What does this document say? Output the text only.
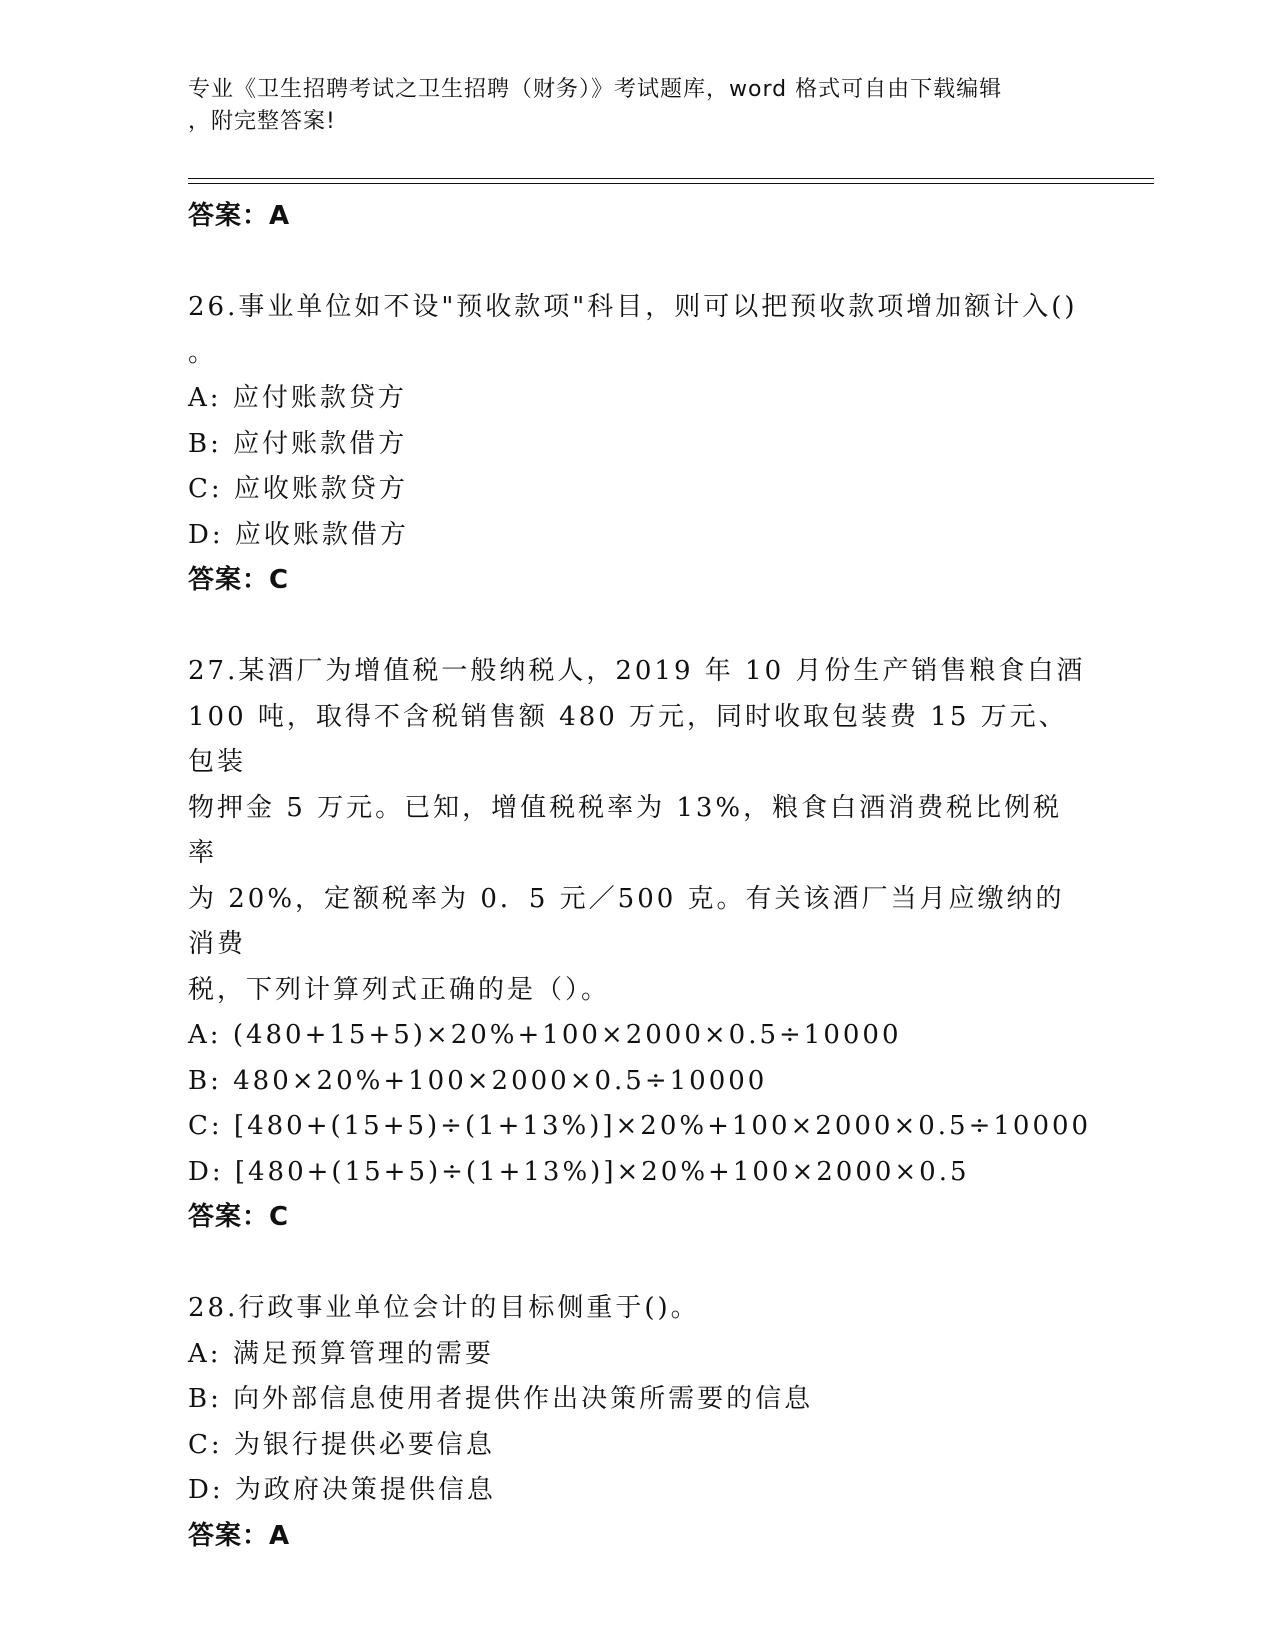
专业《卫生招聘考试之卫生招聘（财务）》考试题库，word 格式可自由下载编辑
，附完整答案!
答案：A
26.事业单位如不设"预收款项"科目，则可以把预收款项增加额计入()
。
A: 应付账款贷方
B: 应付账款借方
C: 应收账款贷方
D: 应收账款借方
答案：C
27.某酒厂为增值税一般纳税人，2019 年 10 月份生产销售粮食白酒
100 吨，取得不含税销售额 480 万元，同时收取包装费 15 万元、包装
物押金 5 万元。已知，增值税税率为 13%，粮食白酒消费税比例税率
为 20%，定额税率为 0．5 元／500 克。有关该酒厂当月应缴纳的消费
税，下列计算列式正确的是（）。
A: (480+15+5)×20%+100×2000×0.5÷10000
B: 480×20%+100×2000×0.5÷10000
C: [480+(15+5)÷(1+13%)]×20%+100×2000×0.5÷10000
D: [480+(15+5)÷(1+13%)]×20%+100×2000×0.5
答案：C
28.行政事业单位会计的目标侧重于()。
A: 满足预算管理的需要
B: 向外部信息使用者提供作出决策所需要的信息
C: 为银行提供必要信息
D: 为政府决策提供信息
答案：A
